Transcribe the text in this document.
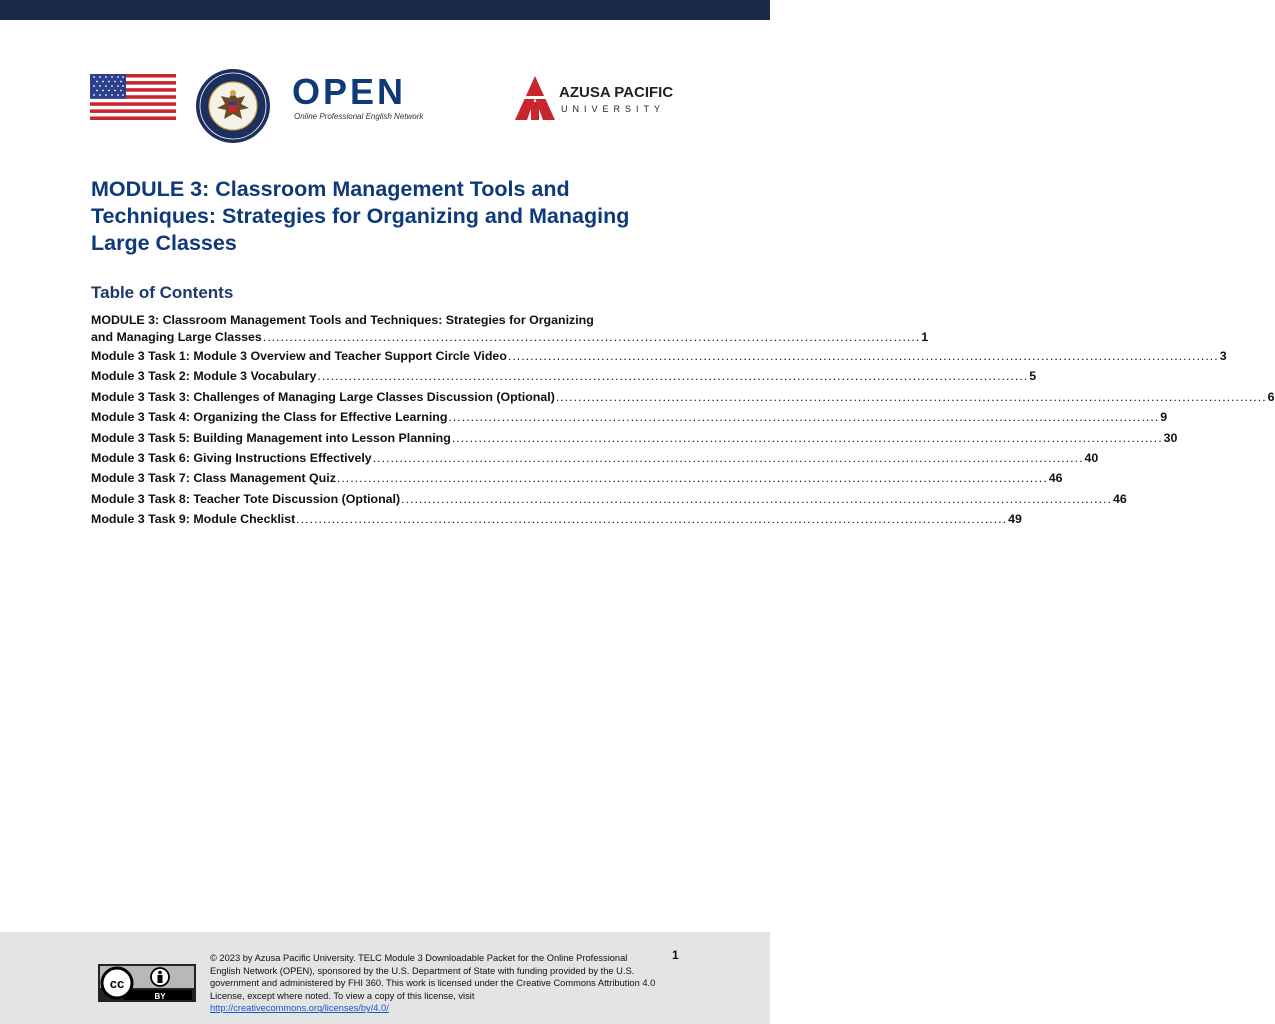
OPEN
Online Professional English Network
AZUSA PACIFIC
UNIVERSITY
MODULE 3: Classroom Management Tools and Techniques: Strategies for Organizing and Managing Large Classes
Table of Contents
MODULE 3: Classroom Management Tools and Techniques: Strategies for Organizing
and Managing Large Classes .................................................................................................................................................... 1
Module 3 Task 1: Module 3 Overview and Teacher Support Circle Video ................................................................................................................................................................ 3
Module 3 Task 2: Module 3 Vocabulary ................................................................................................................................................................ 5
Module 3 Task 3: Challenges of Managing Large Classes Discussion (Optional) ................................................................................................................................................................ 6
Module 3 Task 4: Organizing the Class for Effective Learning ................................................................................................................................................................ 9
Module 3 Task 5: Building Management into Lesson Planning ................................................................................................................................................................ 30
Module 3 Task 6: Giving Instructions Effectively ................................................................................................................................................................ 40
Module 3 Task 7: Class Management Quiz ................................................................................................................................................................ 46
Module 3 Task 8: Teacher Tote Discussion (Optional) ................................................................................................................................................................ 46
Module 3 Task 9: Module Checklist ................................................................................................................................................................ 49
cc
BY
© 2023 by Azusa Pacific University. TELC Module 3 Downloadable Packet for the Online Professional English Network (OPEN), sponsored by the U.S. Department of State with funding provided by the U.S. government and administered by FHI 360. This work is licensed under the Creative Commons Attribution 4.0 License, except where noted. To view a copy of this license, visit
http://creativecommons.org/licenses/by/4.0/
1
